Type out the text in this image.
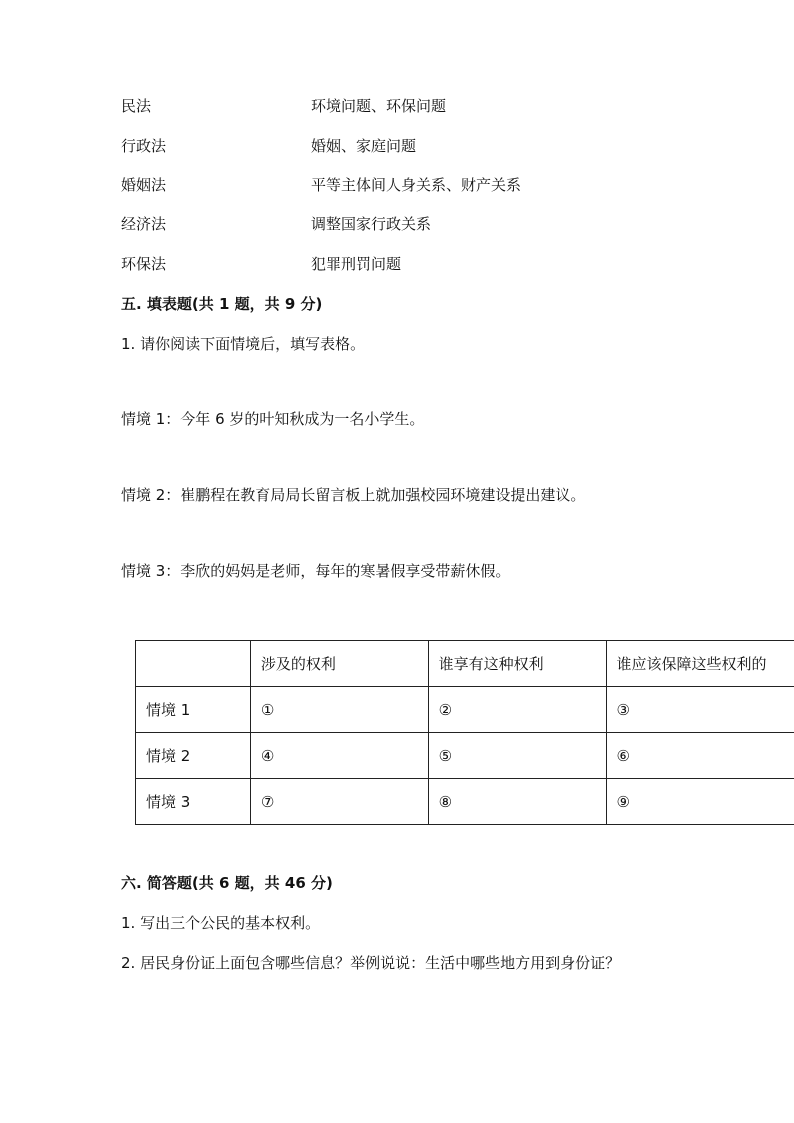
民法	环境问题、环保问题
行政法	婚姻、家庭问题
婚姻法	平等主体间人身关系、财产关系
经济法	调整国家行政关系
环保法	犯罪刑罚问题
五. 填表题(共 1 题，共 9 分)
1. 请你阅读下面情境后，填写表格。
情境 1：今年 6 岁的叶知秋成为一名小学生。
情境 2：崔鹏程在教育局局长留言板上就加强校园环境建设提出建议。
情境 3：李欣的妈妈是老师，每年的寒暑假享受带薪休假。
	涉及的权利	谁享有这种权利	谁应该保障这些权利的
情境 1	①	②	③
情境 2	④	⑤	⑥
情境 3	⑦	⑧	⑨
六. 简答题(共 6 题，共 46 分)
1. 写出三个公民的基本权利。
2. 居民身份证上面包含哪些信息？举例说说：生活中哪些地方用到身份证？
